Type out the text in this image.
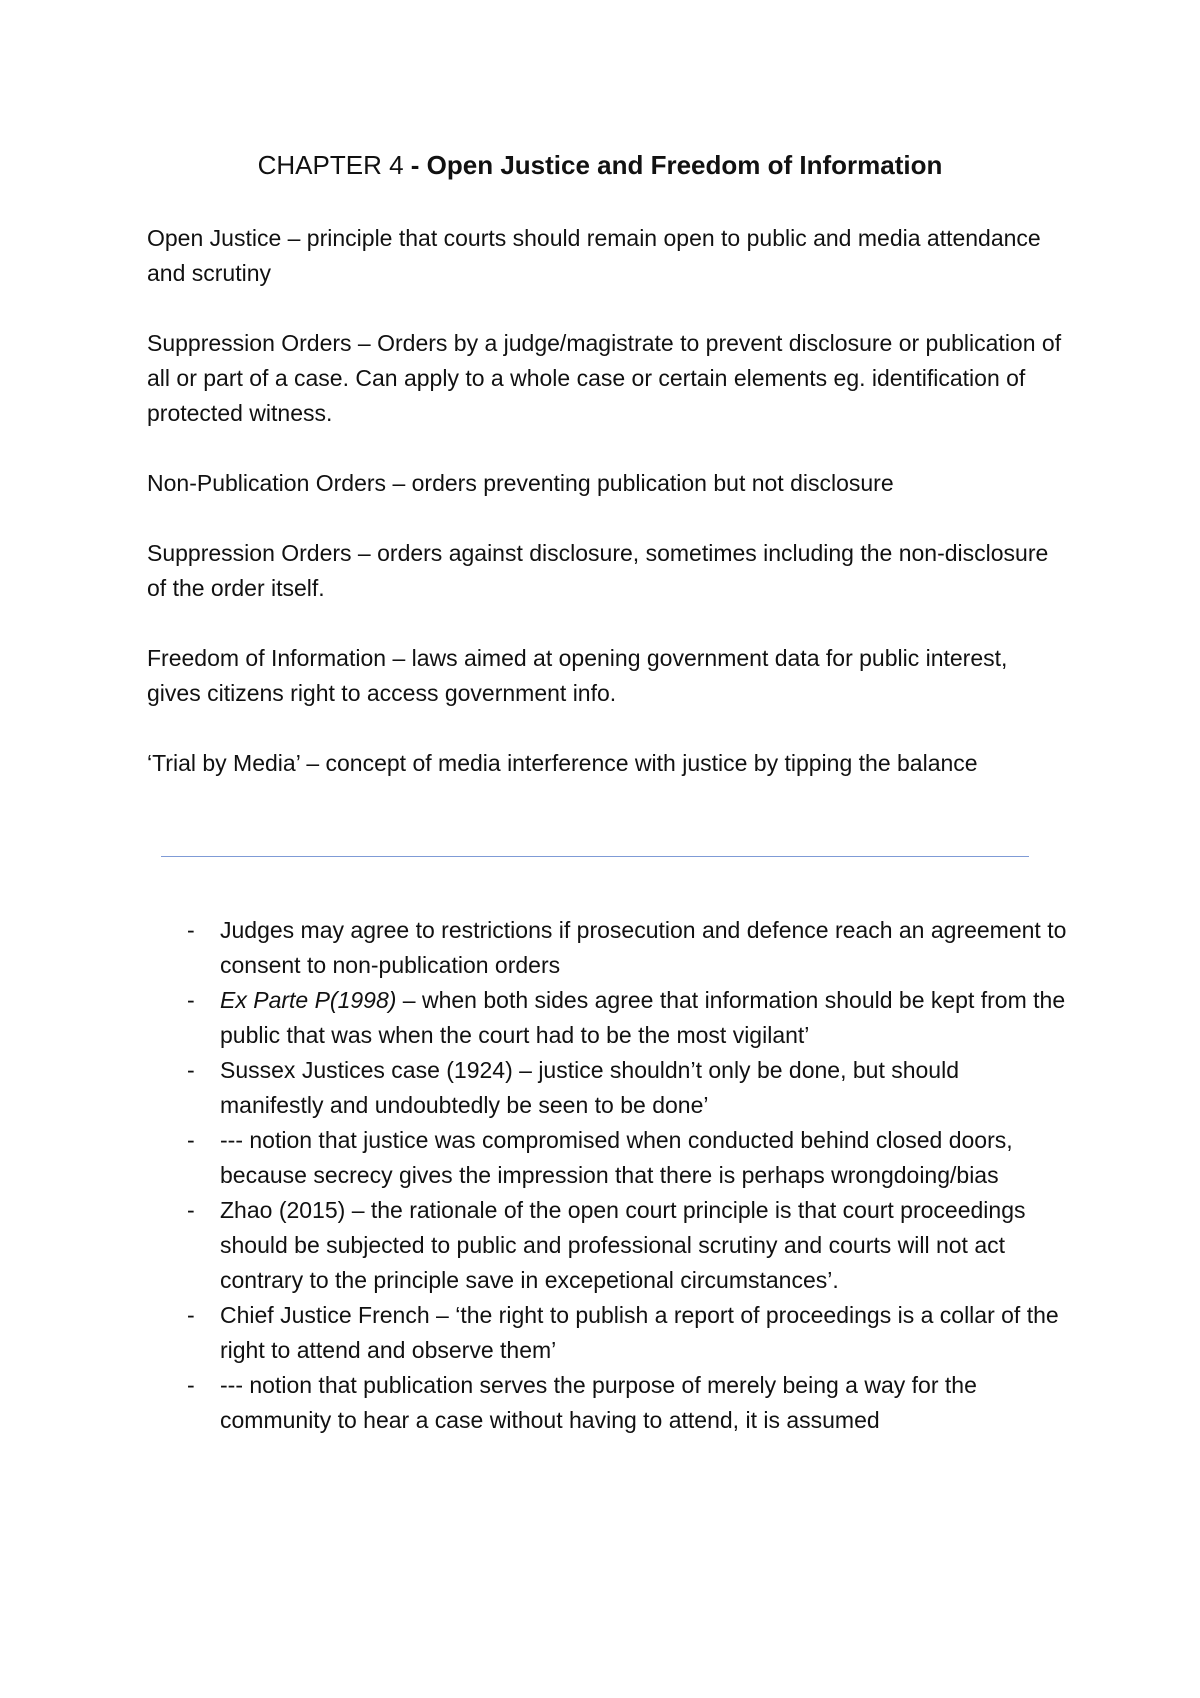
CHAPTER 4 - Open Justice and Freedom of Information

Open Justice – principle that courts should remain open to public and media attendance and scrutiny

Suppression Orders – Orders by a judge/magistrate to prevent disclosure or publication of all or part of a case. Can apply to a whole case or certain elements eg. identification of protected witness.

Non-Publication Orders – orders preventing publication but not disclosure

Suppression Orders – orders against disclosure, sometimes including the non-disclosure of the order itself.

Freedom of Information – laws aimed at opening government data for public interest, gives citizens right to access government info.

‘Trial by Media’ – concept of media interference with justice by tipping the balance

- Judges may agree to restrictions if prosecution and defence reach an agreement to consent to non-publication orders
- Ex Parte P(1998) – when both sides agree that information should be kept from the public that was when the court had to be the most vigilant’
- Sussex Justices case (1924) – justice shouldn’t only be done, but should manifestly and undoubtedly be seen to be done’
- --- notion that justice was compromised when conducted behind closed doors, because secrecy gives the impression that there is perhaps wrongdoing/bias
- Zhao (2015) – the rationale of the open court principle is that court proceedings should be subjected to public and professional scrutiny and courts will not act contrary to the principle save in excepetional circumstances’.
- Chief Justice French – ‘the right to publish a report of proceedings is a collar of the right to attend and observe them’
- --- notion that publication serves the purpose of merely being a way for the community to hear a case without having to attend, it is assumed
